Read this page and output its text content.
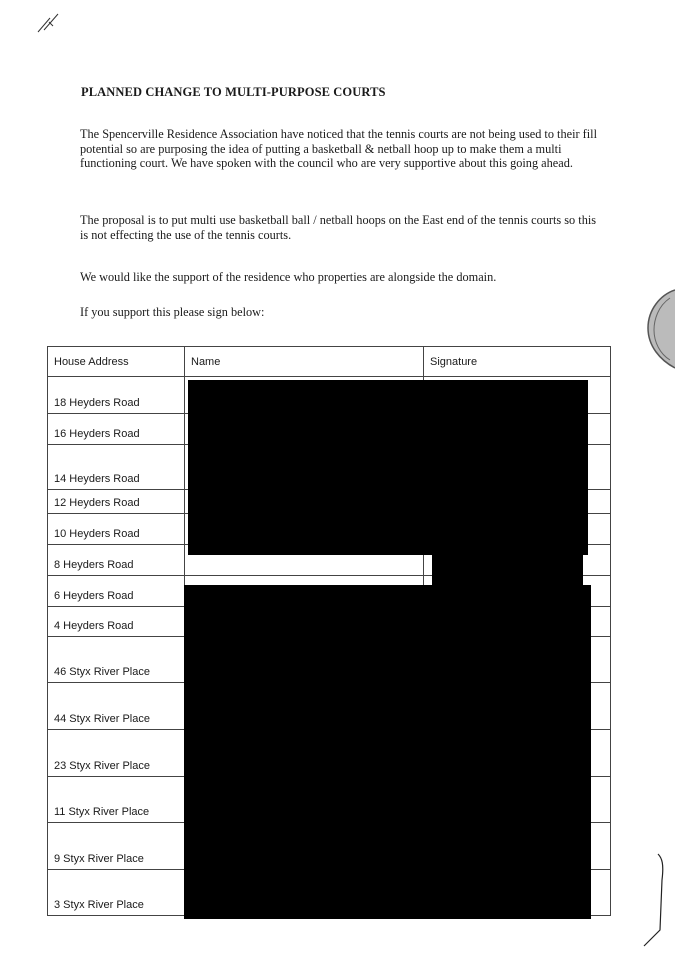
PLANNED CHANGE TO MULTI-PURPOSE COURTS

The Spencerville Residence Association have noticed that the tennis courts are not being used to their fill potential so are purposing the idea of putting a basketball & netball hoop up to make them a multi functioning court. We have spoken with the council who are very supportive about this going ahead.

The proposal is to put multi use basketball ball / netball hoops on the East end of the tennis courts so this is not effecting the use of the tennis courts.

We would like the support of the residence who properties are alongside the domain.

If you support this please sign below:

House Address	Name	Signature
18 Heyders Road		
16 Heyders Road		
14 Heyders Road		
12 Heyders Road		
10 Heyders Road		
8 Heyders Road		
6 Heyders Road		
4 Heyders Road		
46 Styx River Place		
44 Styx River Place		
23 Styx River Place		
11 Styx River Place		
9 Styx River Place		
3 Styx River Place		
